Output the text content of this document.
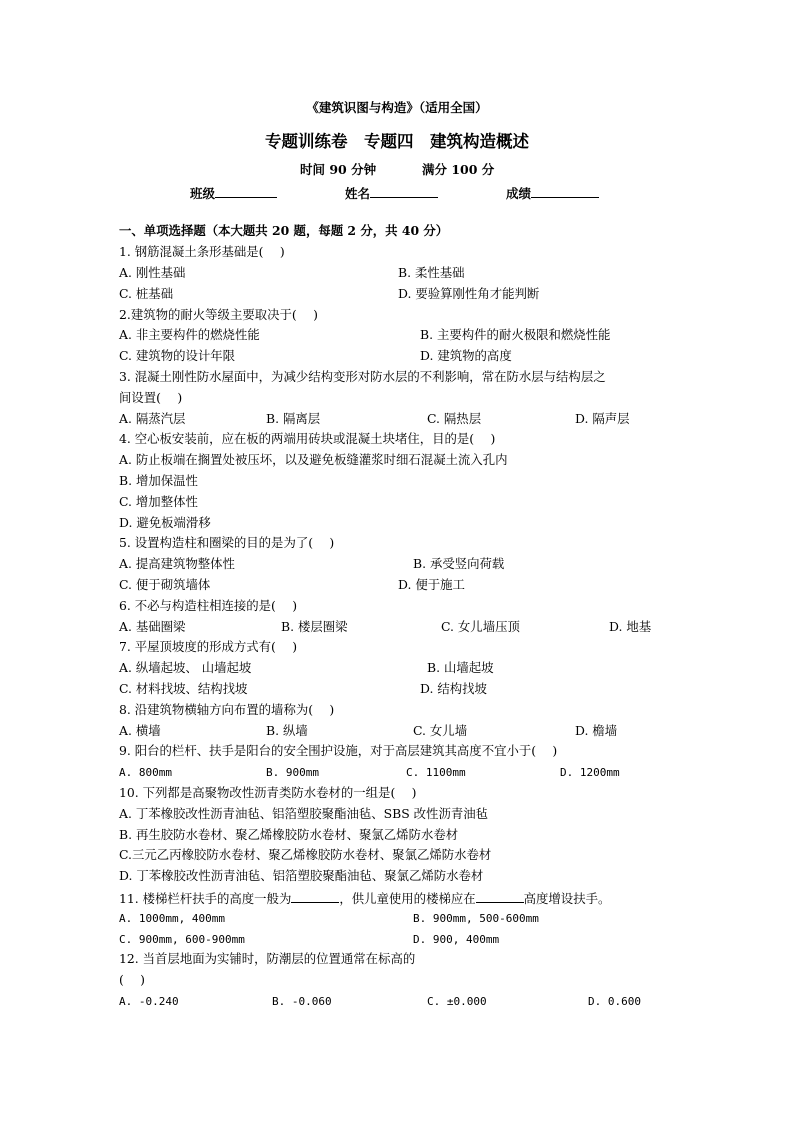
《建筑识图与构造》（适用全国）
专题训练卷　专题四　建筑构造概述
时间 90 分钟	满分 100 分
班级	姓名	成绩
一、单项选择题（本大题共 20 题，每题 2 分，共 40 分）
1. 钢筋混凝土条形基础是(　 )
A. 刚性基础	B. 柔性基础
C. 桩基础	D. 要验算刚性角才能判断
2.建筑物的耐火等级主要取决于(　 )
A. 非主要构件的燃烧性能	B. 主要构件的耐火极限和燃烧性能
C. 建筑物的设计年限	D. 建筑物的高度
3. 混凝土刚性防水屋面中，为减少结构变形对防水层的不利影响，常在防水层与结构层之
间设置(　 )
A. 隔蒸汽层	B. 隔离层	C. 隔热层	D. 隔声层
4. 空心板安装前，应在板的两端用砖块或混凝土块堵住，目的是(　 )
A. 防止板端在搁置处被压坏，以及避免板缝灌浆时细石混凝土流入孔内
B. 增加保温性
C. 增加整体性
D. 避免板端滑移
5. 设置构造柱和圈梁的目的是为了(　 )
A. 提高建筑物整体性	B. 承受竖向荷载
C. 便于砌筑墙体	D. 便于施工
6. 不必与构造柱相连接的是(　 )
A. 基础圈梁	B. 楼层圈梁	C. 女儿墙压顶	D. 地基
7. 平屋顶坡度的形成方式有(　 )
A. 纵墙起坡、 山墙起坡	B. 山墙起坡
C. 材料找坡、结构找坡	D. 结构找坡
8. 沿建筑物横轴方向布置的墙称为(　 )
A. 横墙	B. 纵墙	C. 女儿墙	D. 檐墙
9. 阳台的栏杆、扶手是阳台的安全围护设施，对于高层建筑其高度不宜小于(　 )
A. 800mm	B. 900mm	C. 1100mm	D. 1200mm
10. 下列都是高聚物改性沥青类防水卷材的一组是(　 )
A. 丁苯橡胶改性沥青油毡、铝箔塑胶聚酯油毡、SBS 改性沥青油毡
B. 再生胶防水卷材、聚乙烯橡胶防水卷材、聚氯乙烯防水卷材
C.三元乙丙橡胶防水卷材、聚乙烯橡胶防水卷材、聚氯乙烯防水卷材
D. 丁苯橡胶改性沥青油毡、铝箔塑胶聚酯油毡、聚氯乙烯防水卷材
11. 楼梯栏杆扶手的高度一般为	，供儿童使用的楼梯应在	高度增设扶手。
A. 1000mm, 400mm	B. 900mm, 500-600mm
C. 900mm, 600-900mm	D. 900, 400mm
12. 当首层地面为实铺时，防潮层的位置通常在标高的
(　 )
A. -0.240	B. -0.060	C. ±0.000	D. 0.600
